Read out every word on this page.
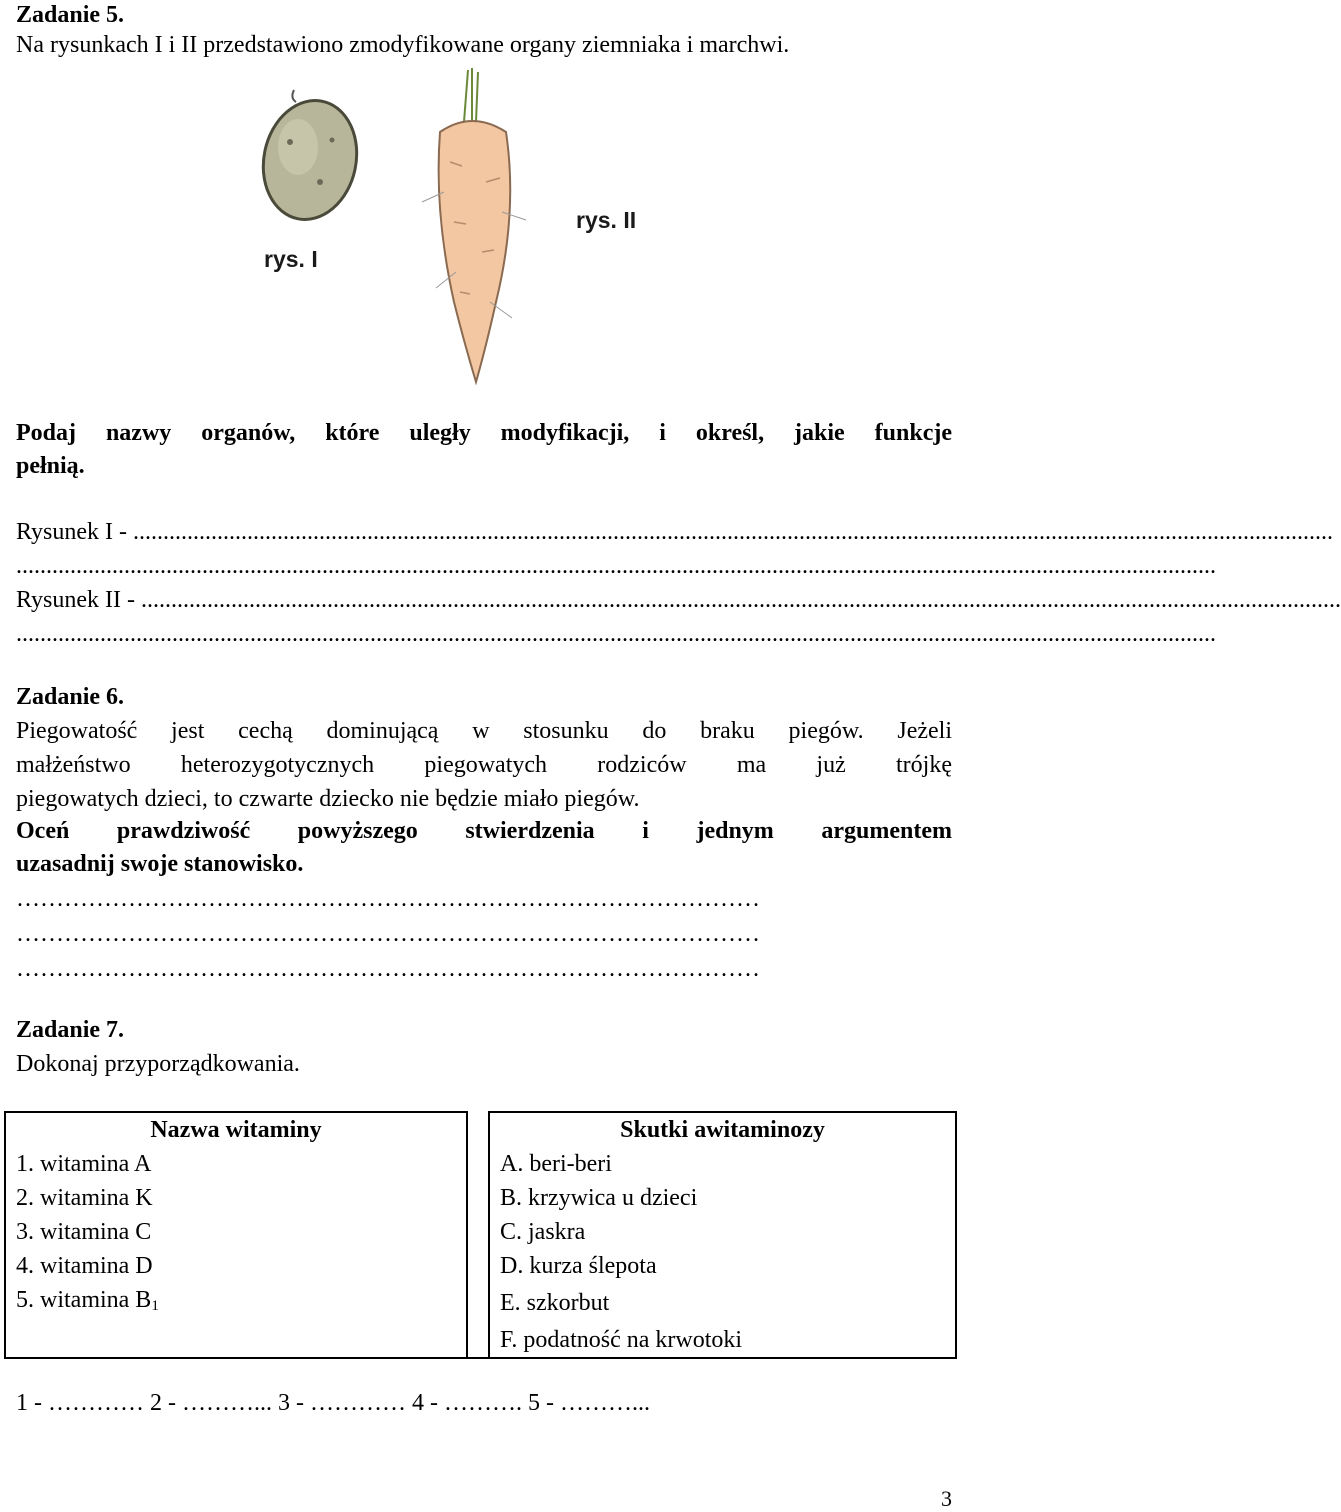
Zadanie 5.
Na rysunkach I i II przedstawiono zmodyfikowane organy ziemniaka i marchwi.
rys. I
rys. II
Podaj nazwy organów, które uległy modyfikacji, i określ, jakie funkcje
pełnią.
Rysunek I - ........................................................................................................................................................................................................
........................................................................................................................................................................................................
Rysunek II - ........................................................................................................................................................................................................
........................................................................................................................................................................................................
Zadanie 6.
Piegowatość jest cechą dominującą w stosunku do braku piegów. Jeżeli
małżeństwo heterozygotycznych piegowatych rodziców ma już trójkę
piegowatych dzieci, to czwarte dziecko nie będzie miało piegów.
Oceń prawdziwość powyższego stwierdzenia i jednym argumentem
uzasadnij swoje stanowisko.
…………………………………………………………………………………
…………………………………………………………………………………
…………………………………………………………………………………
Zadanie 7.
Dokonaj przyporządkowania.
Nazwa witaminy		Skutki awitaminozy
1. witamina A		A. beri-beri
2. witamina K		B. krzywica u dzieci
3. witamina C		C. jaskra
4. witamina D		D. kurza ślepota
5. witamina $B_1$		E. szkorbut
		F. podatność na krwotoki
1 - ………… 2 - ………... 3 - ………… 4 - ………. 5 - ………...
3
